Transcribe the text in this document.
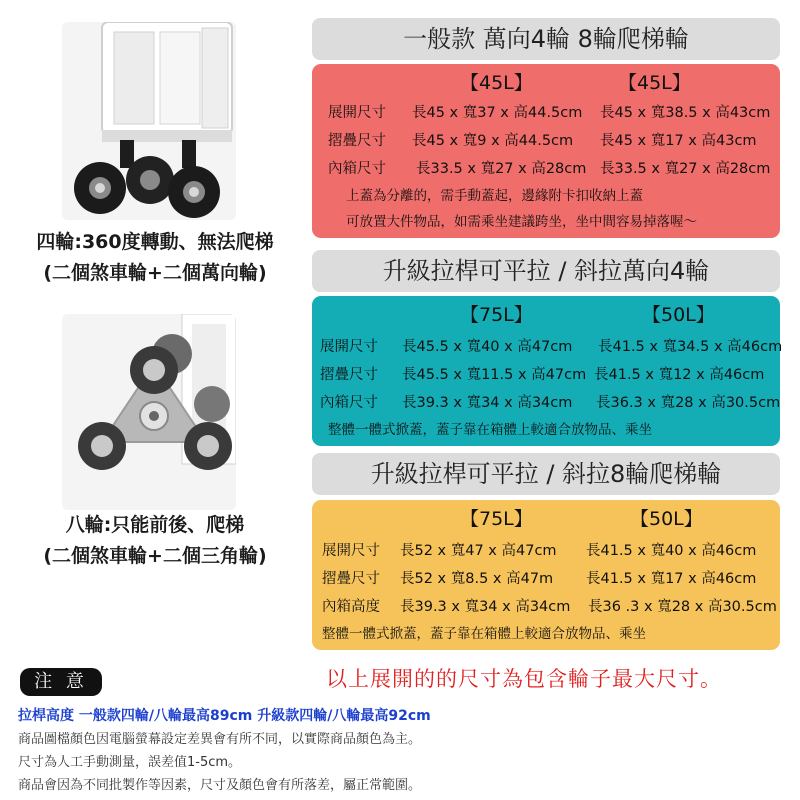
四輪:360度轉動、無法爬梯
(二個煞車輪+二個萬向輪)
八輪:只能前後、爬梯
(二個煞車輪+二個三角輪)
一般款 萬向4輪 8輪爬梯輪
【45L】	【45L】
展開尺寸 長45 x 寬37 x 高44.5cm 長45 x 寬38.5 x 高43cm
摺疊尺寸 長45 x 寬9 x 高44.5cm 長45 x 寬17 x 高43cm
內箱尺寸 長33.5 x 寬27 x 高28cm 長33.5 x 寬27 x 高28cm
上蓋為分離的，需手動蓋起，邊緣附卡扣收納上蓋
可放置大件物品，如需乘坐建議跨坐，坐中間容易掉落喔～
升級拉桿可平拉 / 斜拉萬向4輪
【75L】	【50L】
展開尺寸 長45.5 x 寬40 x 高47cm 長41.5 x 寬34.5 x 高46cm
摺疊尺寸 長45.5 x 寬11.5 x 高47cm 長41.5 x 寬12 x 高46cm
內箱尺寸 長39.3 x 寬34 x 高34cm 長36.3 x 寬28 x 高30.5cm
整體一體式掀蓋，蓋子靠在箱體上較適合放物品、乘坐
升級拉桿可平拉 / 斜拉8輪爬梯輪
【75L】	【50L】
展開尺寸 長52 x 寬47 x 高47cm 長41.5 x 寬40 x 高46cm
摺疊尺寸 長52 x 寬8.5 x 高47m 長41.5 x 寬17 x 高46cm
內箱高度 長39.3 x 寬34 x 高34cm 長36 .3 x 寬28 x 高30.5cm
整體一體式掀蓋，蓋子靠在箱體上較適合放物品、乘坐
注 意	以上展開的的尺寸為包含輪子最大尺寸。
拉桿高度 一般款四輪/八輪最高89cm 升級款四輪/八輪最高92cm
商品圖檔顏色因電腦螢幕設定差異會有所不同，以實際商品顏色為主。
尺寸為人工手動測量，誤差值1-5cm。
商品會因為不同批製作等因素，尺寸及顏色會有所落差，屬正常範圍。
